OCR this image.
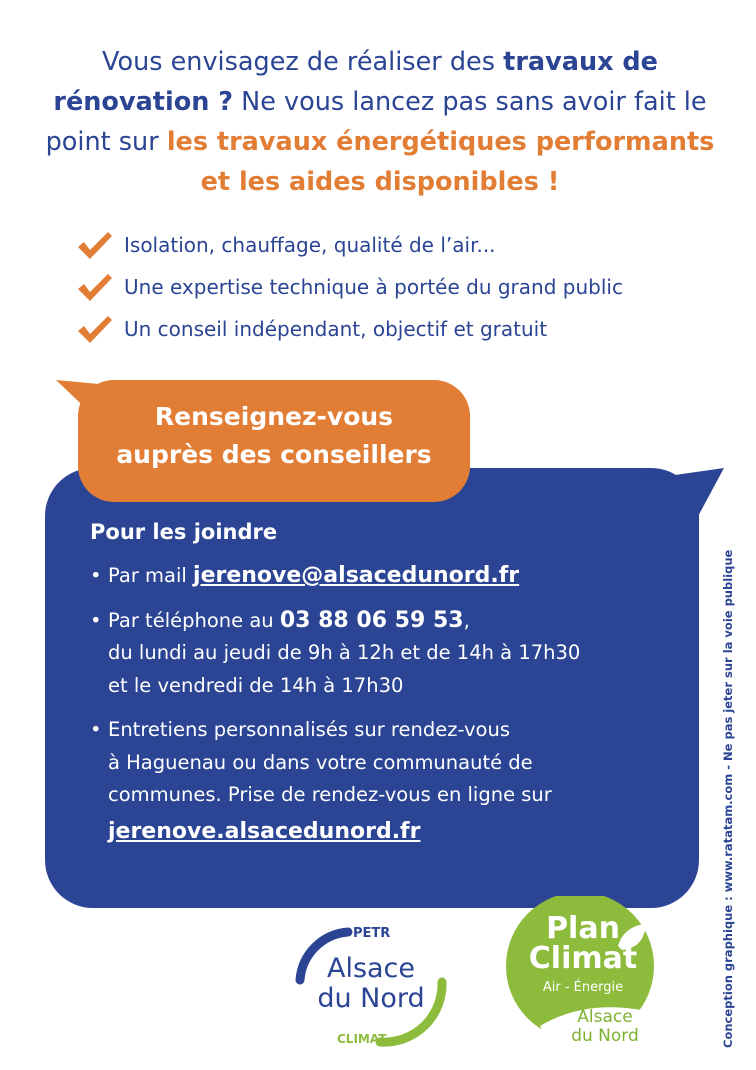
Vous envisagez de réaliser des travaux de rénovation ? Ne vous lancez pas sans avoir fait le point sur les travaux énergétiques performants et les aides disponibles !
Isolation, chauffage, qualité de l’air...
Une expertise technique à portée du grand public
Un conseil indépendant, objectif et gratuit
Renseignez-vous
auprès des conseillers
Pour les joindre
• Par mail jerenove@alsacedunord.fr
• Par téléphone au 03 88 06 59 53,
du lundi au jeudi de 9h à 12h et de 14h à 17h30
et le vendredi de 14h à 17h30
• Entretiens personnalisés sur rendez-vous
à Haguenau ou dans votre communauté de
communes. Prise de rendez-vous en ligne sur
jerenove.alsacedunord.fr	Conception graphique : www.ratatam.com - Ne pas jeter sur la voie publique
PETR
Alsace
du Nord
CLIMAT
Plan
Climat
Air - Énergie
Alsace
du Nord
